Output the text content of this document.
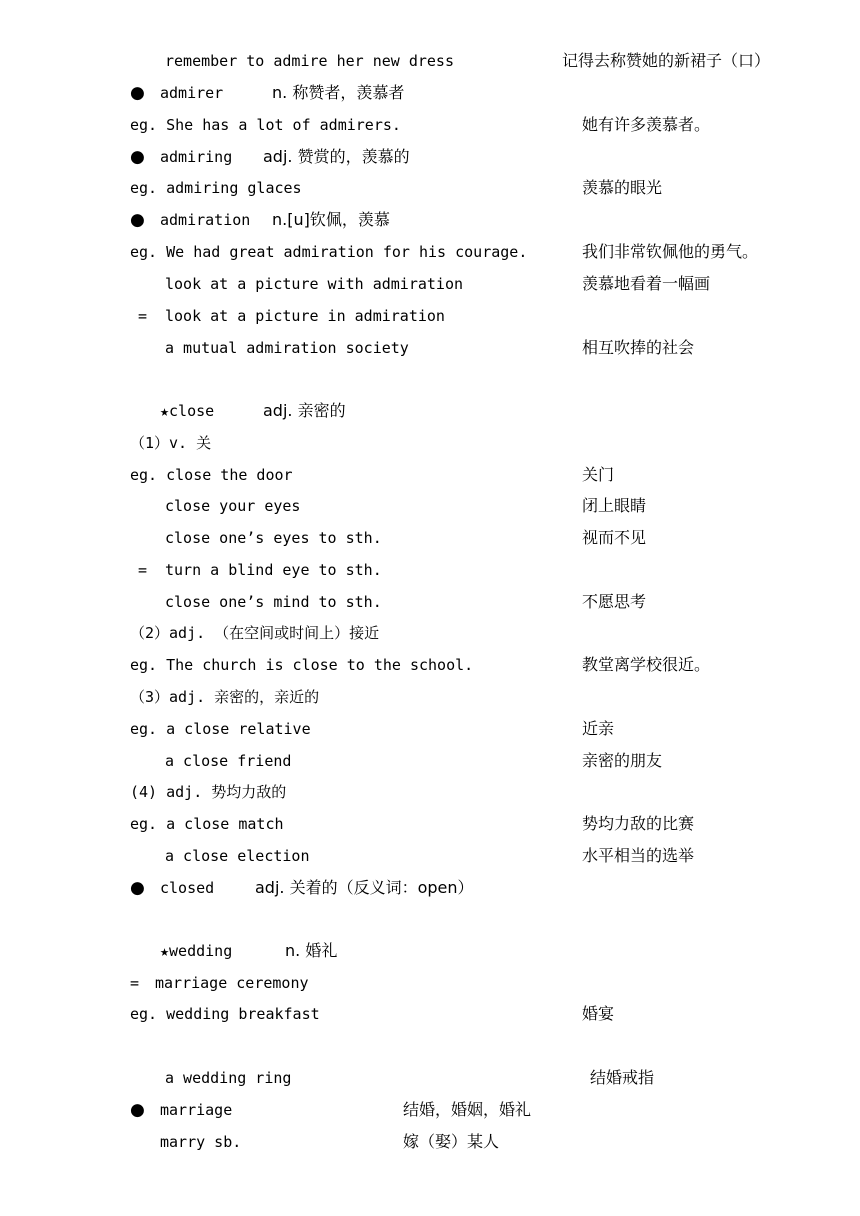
remember to admire her new dress	记得去称赞她的新裙子（口）
● admirer	n. 称赞者，羡慕者
eg. She has a lot of admirers.	她有许多羡慕者。
● admiring adj. 赞赏的，羡慕的
eg. admiring glaces	羡慕的眼光
● admiration n.[u]钦佩，羡慕
eg. We had great admiration for his courage.	我们非常钦佩他的勇气。
look at a picture with admiration	羡慕地看着一幅画
= look at a picture in admiration
a mutual admiration society	相互吹捧的社会
★close	adj. 亲密的
（1）v. 关
eg. close the door	关门
close your eyes	闭上眼睛
close one’s eyes to sth.	视而不见
= turn a blind eye to sth.
close one’s mind to sth.	不愿思考
（2）adj. （在空间或时间上）接近
eg. The church is close to the school.	教堂离学校很近。
（3）adj. 亲密的，亲近的
eg. a close relative	近亲
a close friend	亲密的朋友
(4) adj. 势均力敌的
eg. a close match	势均力敌的比赛
a close election	水平相当的选举
● closed	adj. 关着的（反义词：open）
★wedding	n. 婚礼
= marriage ceremony
eg. wedding breakfast	婚宴
a wedding ring	结婚戒指
● marriage	结婚，婚姻，婚礼
marry sb.	嫁（娶）某人
